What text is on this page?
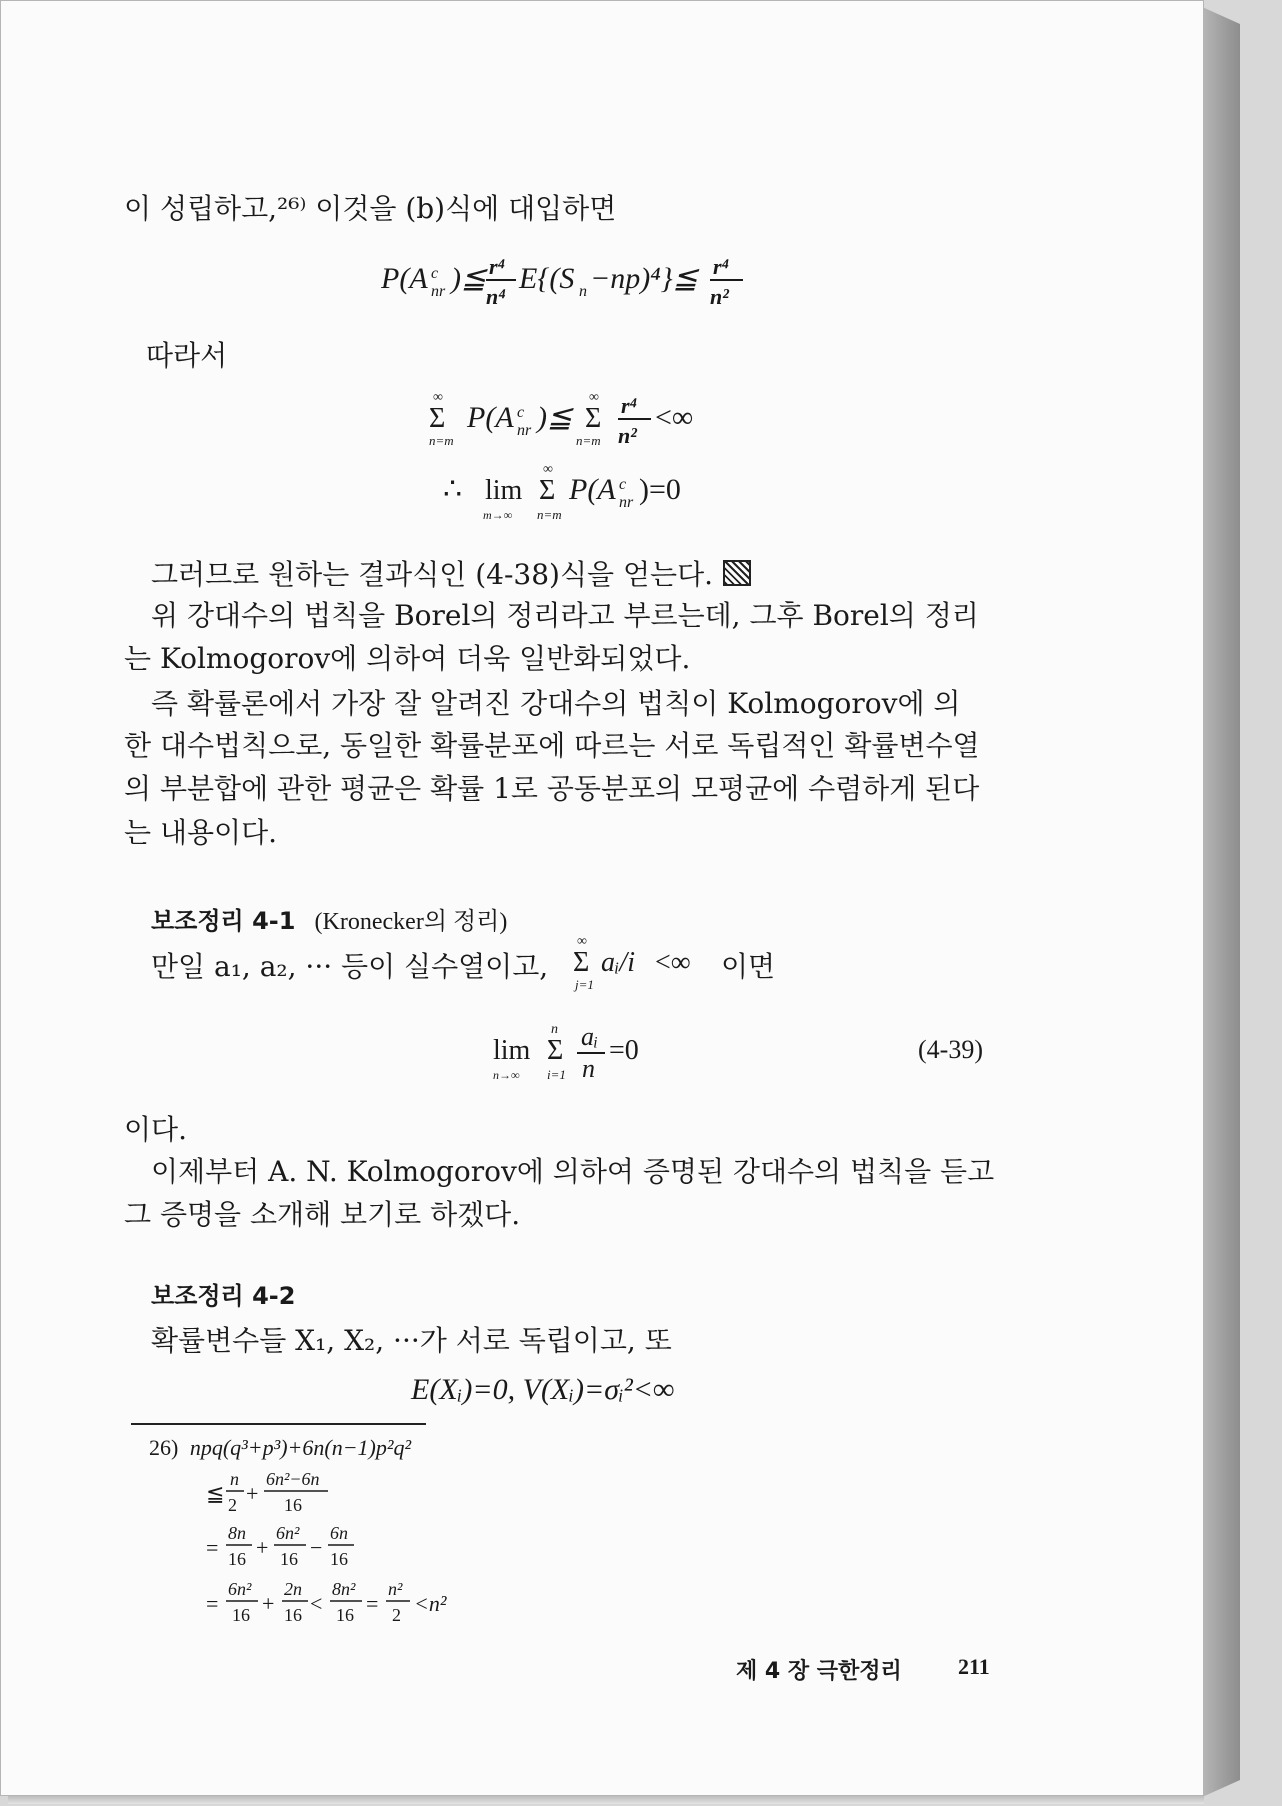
이 성립하고,²⁶⁾ 이것을 (b)식에 대입하면
P(A c
nr )≦ r⁴
n⁴
E{(S n −np)⁴}≦ r⁴
n²
따라서
∞
Σ
n=m
P(A c
nr )≦
∞
Σ
n=m
r⁴
n²
<∞
∴ lim
m→∞
∞
Σ
n=m
P(A c
nr )=0
그러므로 원하는 결과식인 (4-38)식을 얻는다.
위 강대수의 법칙을 Borel의 정리라고 부르는데, 그후 Borel의 정리
는 Kolmogorov에 의하여 더욱 일반화되었다.
즉 확률론에서 가장 잘 알려진 강대수의 법칙이 Kolmogorov에 의
한 대수법칙으로, 동일한 확률분포에 따르는 서로 독립적인 확률변수열
의 부분합에 관한 평균은 확률 1로 공동분포의 모평균에 수렴하게 된다
는 내용이다.
보조정리 4-1 (Kronecker의 정리)
만일 a₁, a₂, ··· 등이 실수열이고,
∞
Σ
j=1
aᵢ/i <∞ 이면
lim
n→∞
n
Σ
i=1
aᵢ
n
=0	(4-39)
이다.
이제부터 A. N. Kolmogorov에 의하여 증명된 강대수의 법칙을 듣고
그 증명을 소개해 보기로 하겠다.
보조정리 4-2
확률변수들 X₁, X₂, ···가 서로 독립이고, 또
E(Xᵢ)=0, V(Xᵢ)=σᵢ²<∞
26) npq(q³+p³)+6n(n−1)p²q²
≦
n
2 +
6n²−6n
16
=
8n
16 +
6n²
16 −
6n
16
=
6n²
16 +
2n
16 <
8n²
16 =
n²
2 <n²
제 4 장 극한정리	211
